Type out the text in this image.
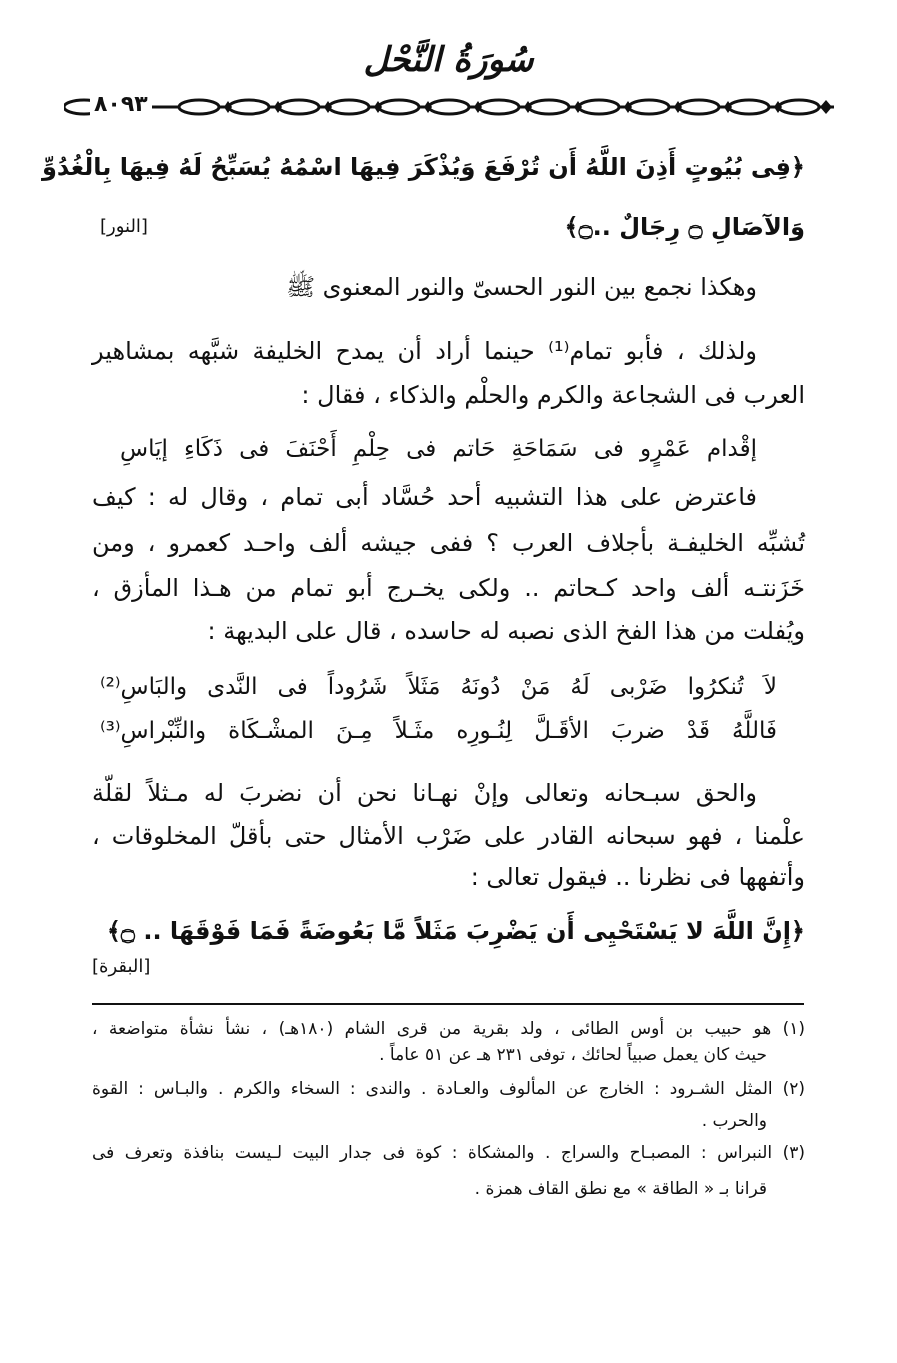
سُورَةُ النَّحْل
٨٠٩٣
﴿فِى بُيُوتٍ أَذِنَ اللَّهُ أَن تُرْفَعَ وَيُذْكَرَ فِيهَا اسْمُهُ يُسَبِّحُ لَهُ فِيهَا بِالْغُدُوِّ
وَالآصَالِ ۝ رِجَالٌ ..۝﴾
[النور]
وهكذا نجمع بين النور الحسىّ والنور المعنوى ﷺ
ولذلك ، فأبو تمام⁽¹⁾ حينما أراد أن يمدح الخليفة شبَّهه بمشاهير
العرب فى الشجاعة والكرم والحلْم والذكاء ، فقال :
إقْدام عَمْرٍو فى سَمَاحَةِ حَاتم فى حِلْمِ أَحْنَفَ فى ذَكَاءِ إيَاسِ
فاعترض على هذا التشبيه أحد حُسَّاد أبى تمام ، وقال له : كيف
تُشبِّه الخليفـة بأجلاف العرب ؟ ففى جيشه ألف واحـد كعمرو ، ومن
خَزَنتـه ألف واحد كـحاتم .. ولكى يخـرج أبو تمام من هـذا المأزق ،
ويُفلت من هذا الفخ الذى نصبه له حاسده ، قال على البديهة :
لاَ تُنكرُوا ضَرْبى لَهُ مَنْ دُونَهُ مَثَلاً شَرُوداً فى النَّدى والبَاسِ⁽²⁾
فَاللَّهُ قَدْ ضربَ الأقَـلَّ لِنُـورِه مثَـلاً مِـنَ المشْـكَاة والنِّبْراسِ⁽³⁾
والحق سبـحانه وتعالى وإنْ نهـانا نحن أن نضربَ له مـثلاً لقلّة
علْمنا ، فهو سبحانه القادر على ضَرْب الأمثال حتى بأقلّ المخلوقات ،
وأتفهها فى نظرنا .. فيقول تعالى :
﴿إِنَّ اللَّهَ لا يَسْتَحْيِى أَن يَضْرِبَ مَثَلاً مَّا بَعُوضَةً فَمَا فَوْقَهَا .. ۝﴾
[البقرة]
(١) هو حبيب بن أوس الطائى ، ولد بقرية من قرى الشام (١٨٠هـ) ، نشأ نشأة متواضعة ،
حيث كان يعمل صبياً لحائك ، توفى ٢٣١ هـ عن ٥١ عاماً .
(٢) المثل الشـرود : الخارج عن المألوف والعـادة . والندى : السخاء والكرم . والبـاس : القوة
والحرب .
(٣) النبراس : المصبـاح والسراج . والمشكاة : كوة فى جدار البيت لـيست بنافذة وتعرف فى
قرانا بـ « الطاقة » مع نطق القاف همزة .
